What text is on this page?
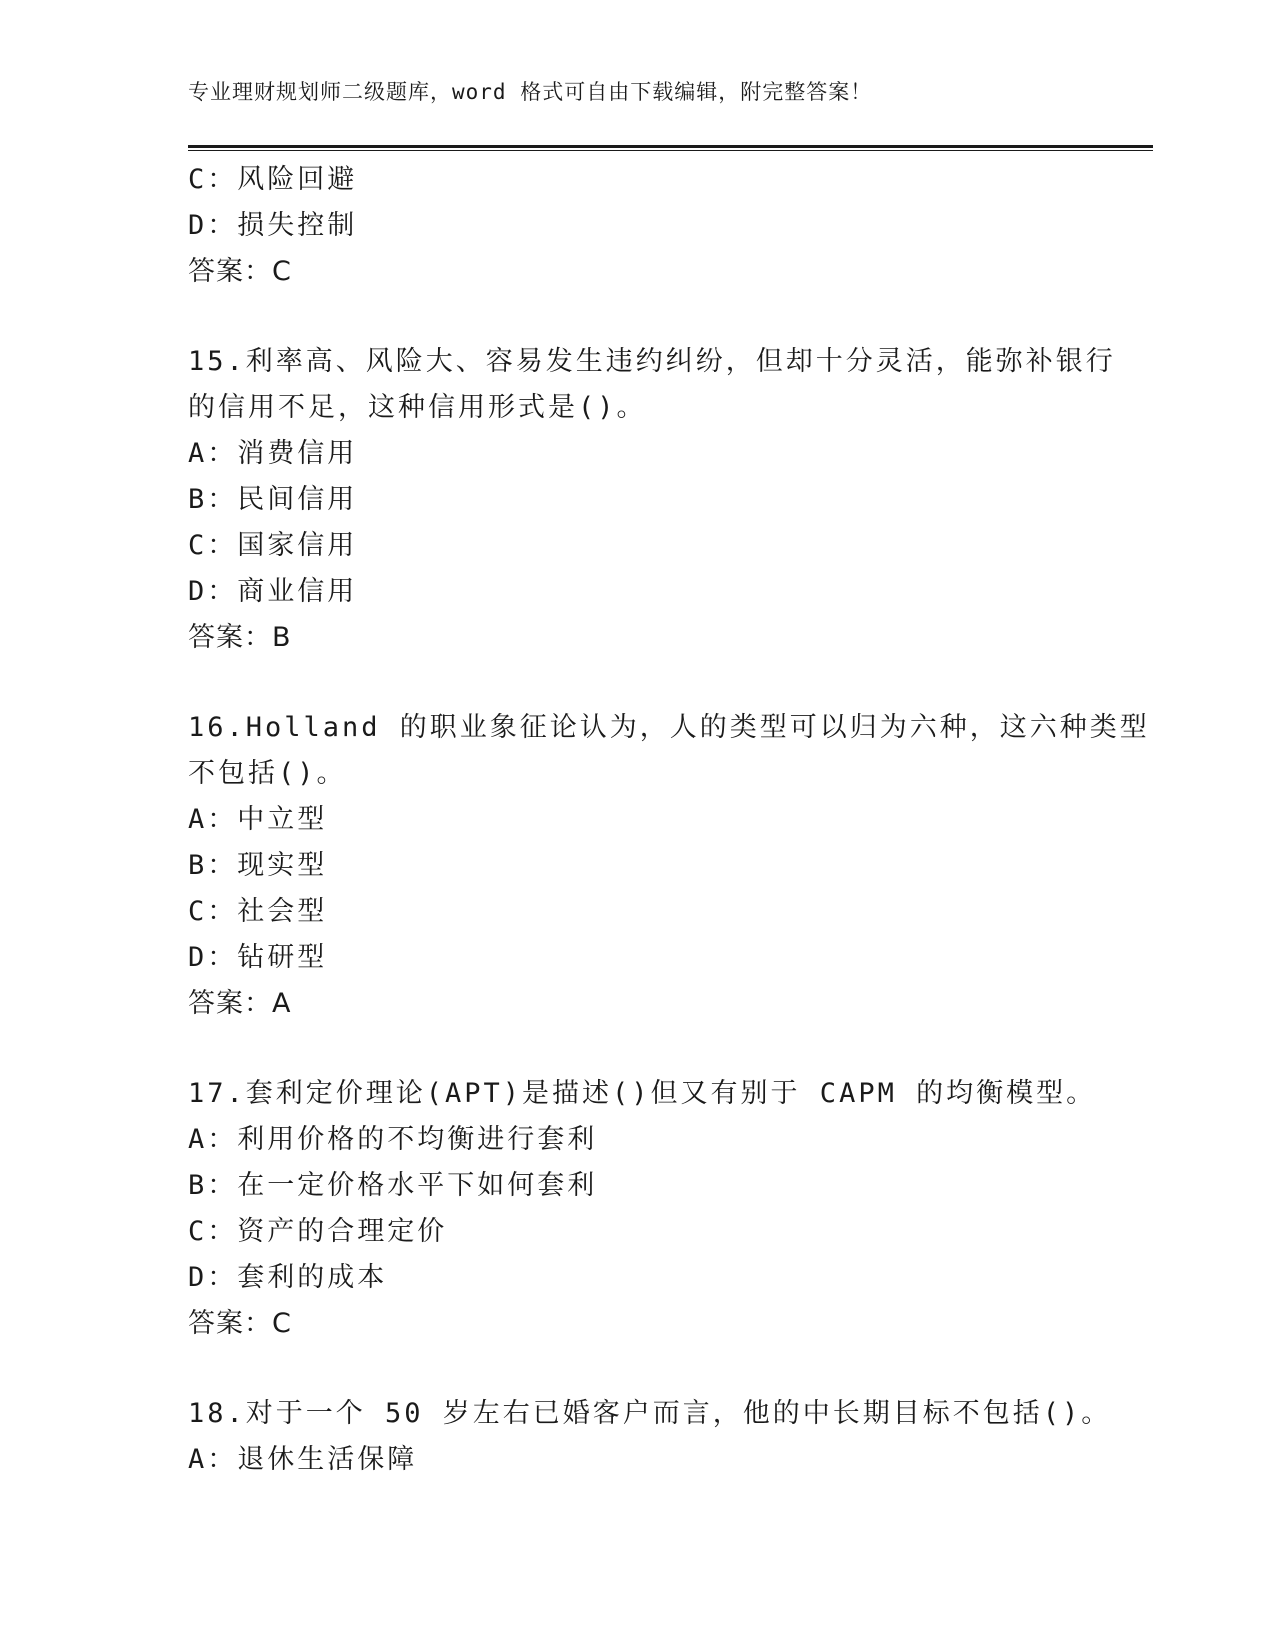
专业理财规划师二级题库，word 格式可自由下载编辑，附完整答案！
C：风险回避
D：损失控制
答案：C
15.利率高、风险大、容易发生违约纠纷，但却十分灵活，能弥补银行
的信用不足，这种信用形式是()。
A：消费信用
B：民间信用
C：国家信用
D：商业信用
答案：B
16.Holland 的职业象征论认为，人的类型可以归为六种，这六种类型
不包括()。
A：中立型
B：现实型
C：社会型
D：钻研型
答案：A
17.套利定价理论(APT)是描述()但又有别于 CAPM 的均衡模型。
A：利用价格的不均衡进行套利
B：在一定价格水平下如何套利
C：资产的合理定价
D：套利的成本
答案：C
18.对于一个 50 岁左右已婚客户而言，他的中长期目标不包括()。
A：退休生活保障
